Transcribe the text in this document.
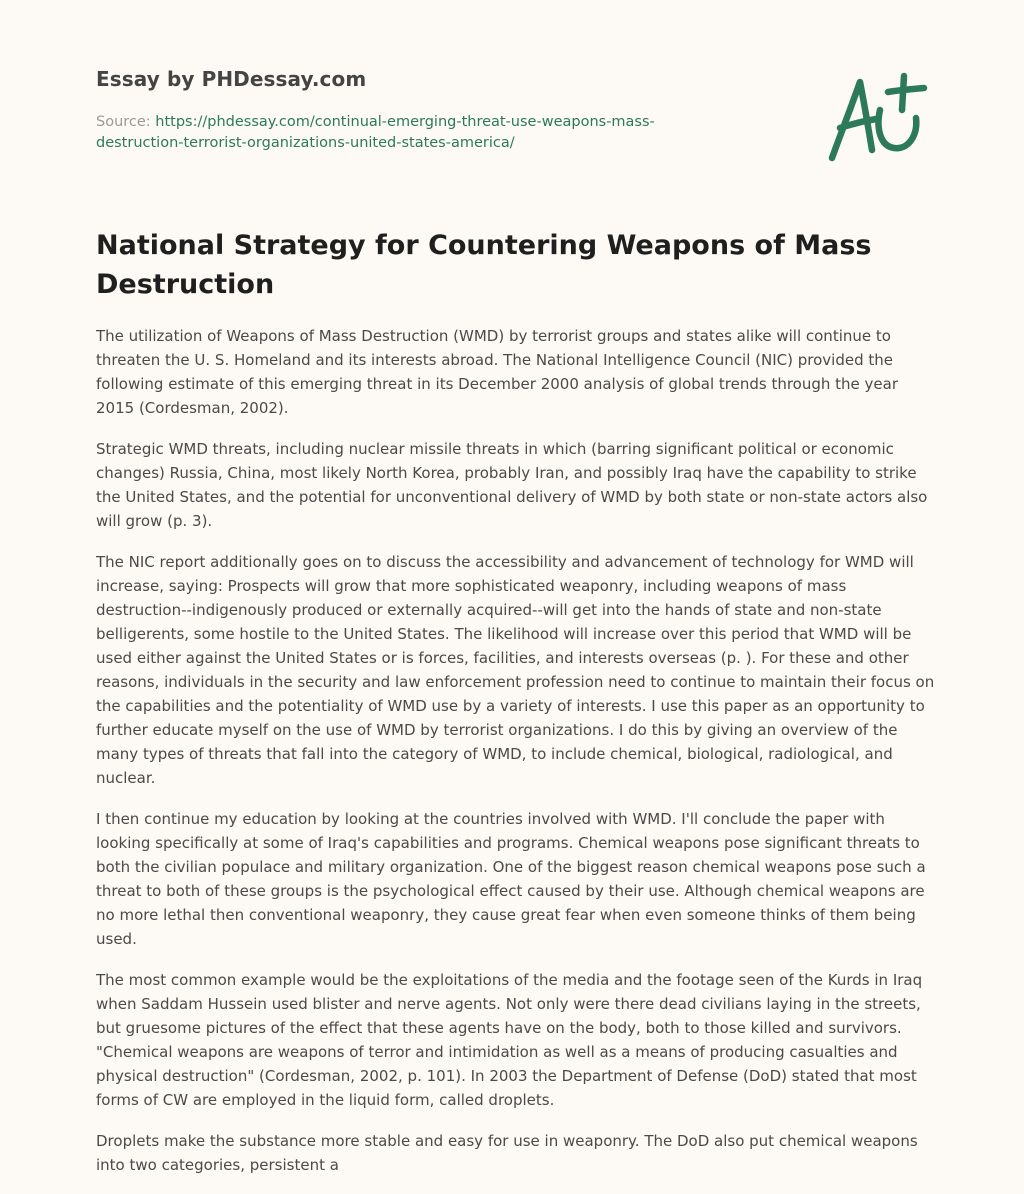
Essay by PHDessay.com
Source: https://phdessay.com/continual-emerging-threat-use-weapons-mass-destruction-terrorist-organizations-united-states-america/
National Strategy for Countering Weapons of Mass Destruction

The utilization of Weapons of Mass Destruction (WMD) by terrorist groups and states alike will continue to threaten the U. S. Homeland and its interests abroad. The National Intelligence Council (NIC) provided the following estimate of this emerging threat in its December 2000 analysis of global trends through the year 2015 (Cordesman, 2002).

Strategic WMD threats, including nuclear missile threats in which (barring significant political or economic changes) Russia, China, most likely North Korea, probably Iran, and possibly Iraq have the capability to strike the United States, and the potential for unconventional delivery of WMD by both state or non-state actors also will grow (p. 3).

The NIC report additionally goes on to discuss the accessibility and advancement of technology for WMD will increase, saying: Prospects will grow that more sophisticated weaponry, including weapons of mass destruction--indigenously produced or externally acquired--will get into the hands of state and non-state belligerents, some hostile to the United States. The likelihood will increase over this period that WMD will be used either against the United States or is forces, facilities, and interests overseas (p. ). For these and other reasons, individuals in the security and law enforcement profession need to continue to maintain their focus on the capabilities and the potentiality of WMD use by a variety of interests. I use this paper as an opportunity to further educate myself on the use of WMD by terrorist organizations. I do this by giving an overview of the many types of threats that fall into the category of WMD, to include chemical, biological, radiological, and nuclear.

I then continue my education by looking at the countries involved with WMD. I'll conclude the paper with looking specifically at some of Iraq's capabilities and programs. Chemical weapons pose significant threats to both the civilian populace and military organization. One of the biggest reason chemical weapons pose such a threat to both of these groups is the psychological effect caused by their use. Although chemical weapons are no more lethal then conventional weaponry, they cause great fear when even someone thinks of them being used.

The most common example would be the exploitations of the media and the footage seen of the Kurds in Iraq when Saddam Hussein used blister and nerve agents. Not only were there dead civilians laying in the streets, but gruesome pictures of the effect that these agents have on the body, both to those killed and survivors. "Chemical weapons are weapons of terror and intimidation as well as a means of producing casualties and physical destruction" (Cordesman, 2002, p. 101). In 2003 the Department of Defense (DoD) stated that most forms of CW are employed in the liquid form, called droplets.

Droplets make the substance more stable and easy for use in weaponry. The DoD also put chemical weapons into two categories, persistent a
